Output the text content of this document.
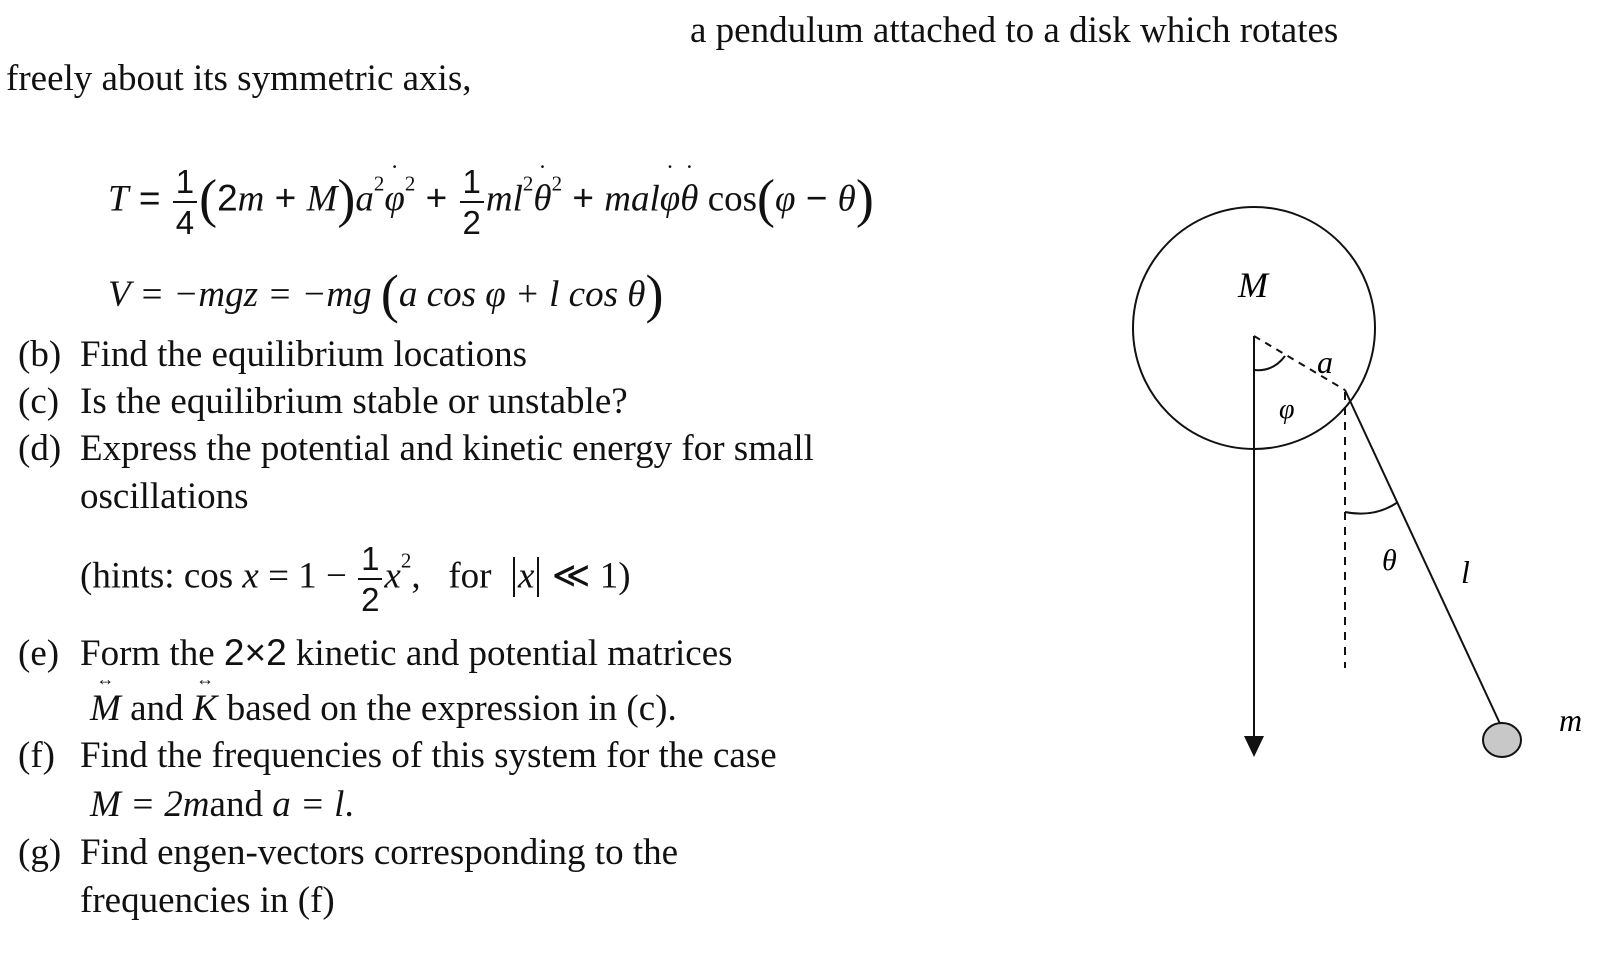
a pendulum attached to a disk which rotates
freely about its symmetric axis,
$T = \frac{1}{4} (2m$ + $M)a^2˙$ $\varphi^2 + \frac{1}{2}$ $ml^2˙$ $\theta^2$ + mal˙ φ˙ θ cos(φ − θ)
V = −mgz = −mg (a cos φ + l cos θ)
(b) Find the equilibrium locations
(c) Is the equilibrium stable or unstable?
(d) Express the potential and kinetic energy for small
oscillations
(hints: $\cos x = 1 - \frac{1}{2} x^2$,   for x ≪ 1)
(e) Form the 2×2 kinetic and potential matrices
↔ M and ↔ K based on the expression in (c).
(f) Find the frequencies of this system for the case
M = 2mand a = l.
(g) Find engen-vectors corresponding to the
frequencies in (f)
M
a
φ
θ l
m
